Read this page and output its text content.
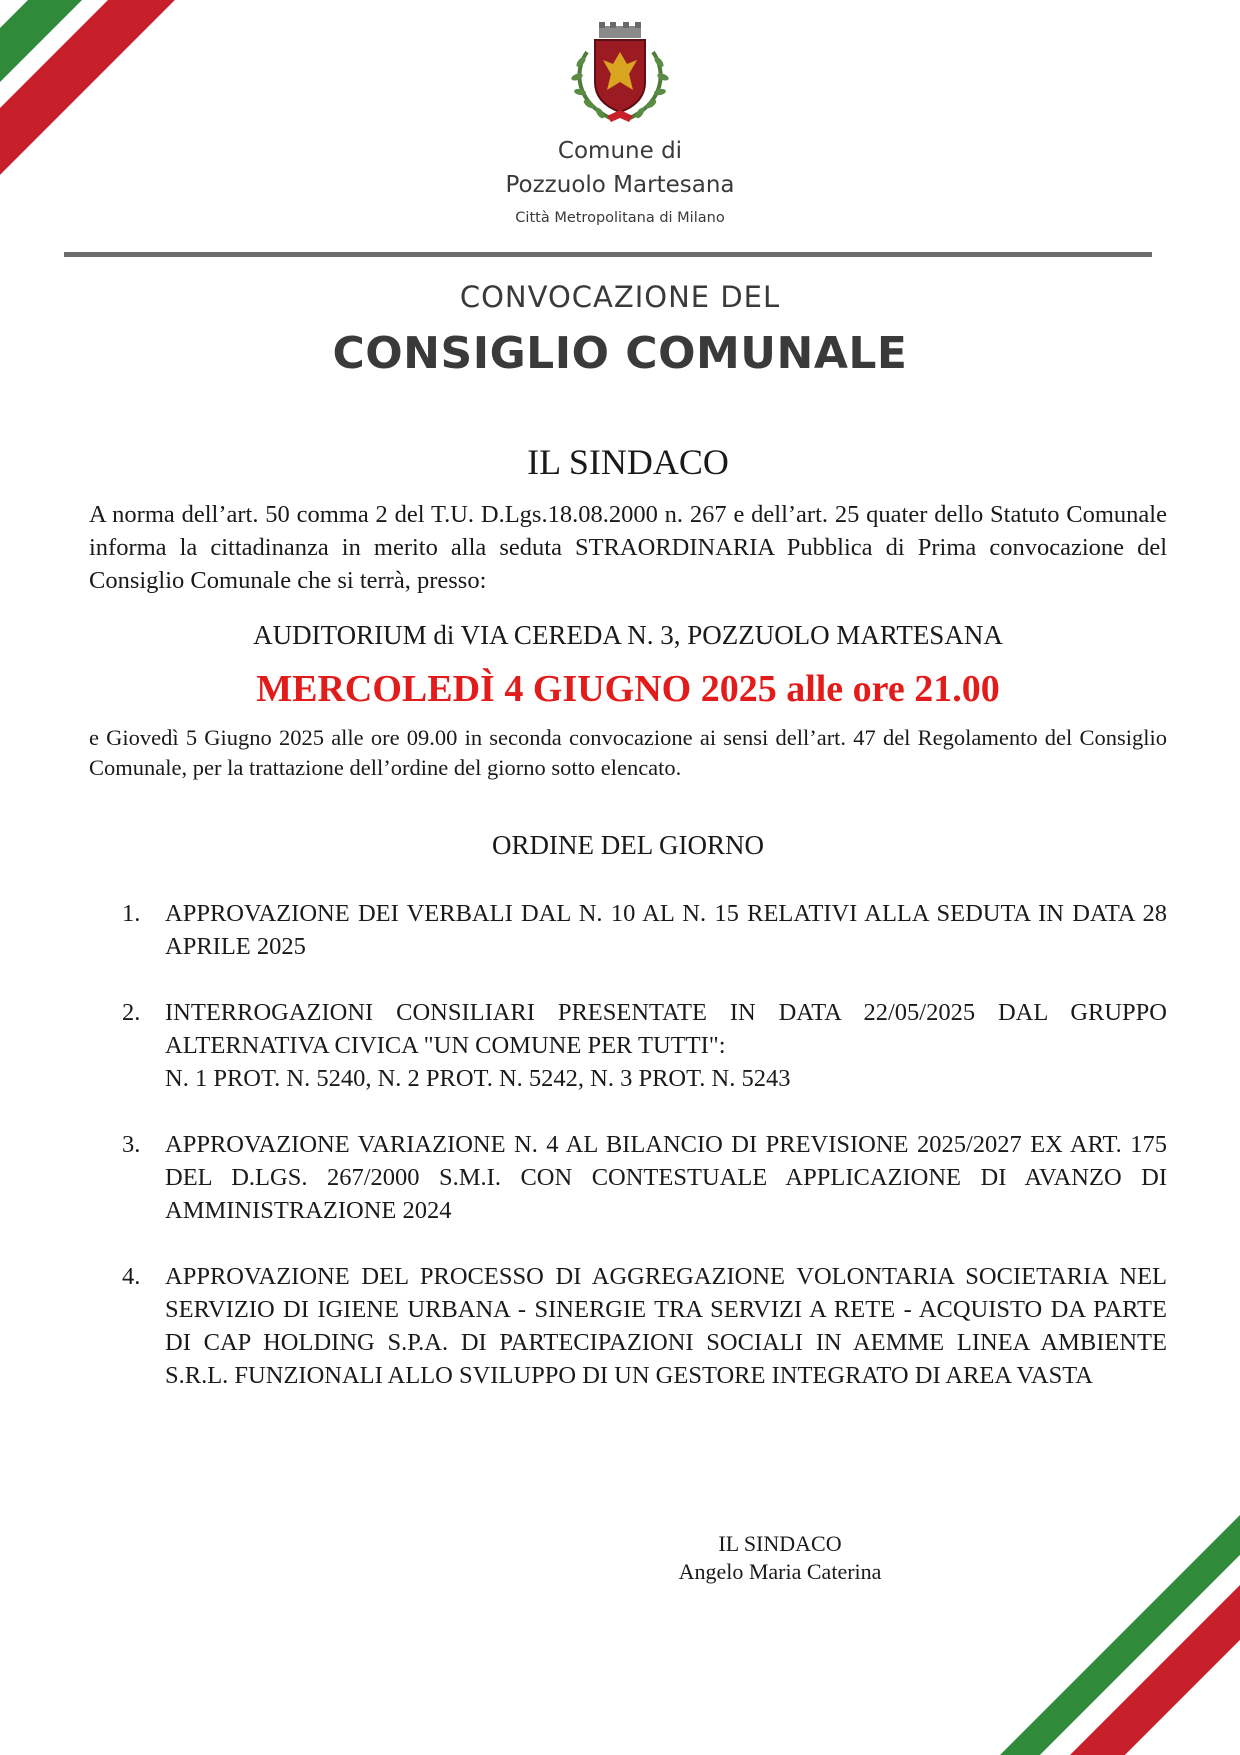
Comune di
Pozzuolo Martesana
Città Metropolitana di Milano
CONVOCAZIONE DEL
CONSIGLIO COMUNALE
IL SINDACO

A norma dell’art. 50 comma 2 del T.U. D.Lgs.18.08.2000 n. 267 e dell’art. 25 quater dello Statuto Comunale informa la cittadinanza in merito alla seduta STRAORDINARIA Pubblica di Prima convocazione del Consiglio Comunale che si terrà, presso:

AUDITORIUM di VIA CEREDA N. 3, POZZUOLO MARTESANA
MERCOLEDÌ 4 GIUGNO 2025 alle ore 21.00

e Giovedì 5 Giugno 2025 alle ore 09.00 in seconda convocazione ai sensi dell’art. 47 del Regolamento del Consiglio Comunale, per la trattazione dell’ordine del giorno sotto elencato.

ORDINE DEL GIORNO
1. APPROVAZIONE DEI VERBALI DAL N. 10 AL N. 15 RELATIVI ALLA SEDUTA IN DATA 28 APRILE 2025
2. INTERROGAZIONI CONSILIARI PRESENTATE IN DATA 22/05/2025 DAL GRUPPO ALTERNATIVA CIVICA "UN COMUNE PER TUTTI":
N. 1 PROT. N. 5240, N. 2 PROT. N. 5242, N. 3 PROT. N. 5243
3. APPROVAZIONE VARIAZIONE N. 4 AL BILANCIO DI PREVISIONE 2025/2027 EX ART. 175 DEL D.LGS. 267/2000 S.M.I. CON CONTESTUALE APPLICAZIONE DI AVANZO DI AMMINISTRAZIONE 2024
4. APPROVAZIONE DEL PROCESSO DI AGGREGAZIONE VOLONTARIA SOCIETARIA NEL SERVIZIO DI IGIENE URBANA - SINERGIE TRA SERVIZI A RETE - ACQUISTO DA PARTE DI CAP HOLDING S.P.A. DI PARTECIPAZIONI SOCIALI IN AEMME LINEA AMBIENTE S.R.L. FUNZIONALI ALLO SVILUPPO DI UN GESTORE INTEGRATO DI AREA VASTA
IL SINDACO
Angelo Maria Caterina
